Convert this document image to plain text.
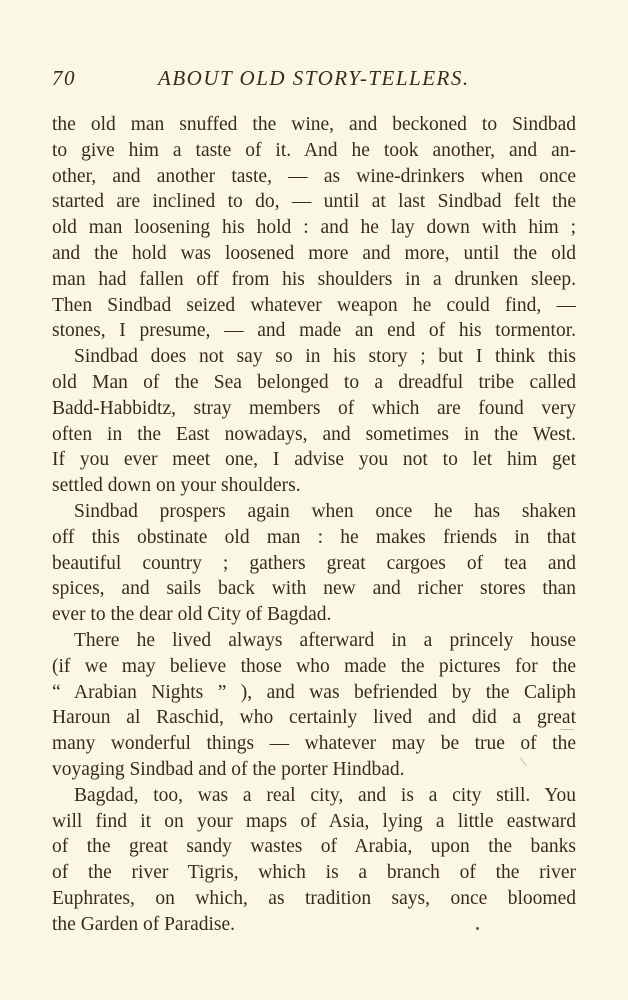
70	ABOUT OLD STORY-TELLERS.
the old man snuffed the wine, and beckoned to Sindbad
to give him a taste of it. And he took another, and an-
other, and another taste, — as wine-drinkers when once
started are inclined to do, — until at last Sindbad felt the
old man loosening his hold : and he lay down with him ;
and the hold was loosened more and more, until the old
man had fallen off from his shoulders in a drunken sleep.
Then Sindbad seized whatever weapon he could find, —
stones, I presume, — and made an end of his tormentor.
Sindbad does not say so in his story ; but I think this
old Man of the Sea belonged to a dreadful tribe called
Badd-Habbidtz, stray members of which are found very
often in the East nowadays, and sometimes in the West.
If you ever meet one, I advise you not to let him get
settled down on your shoulders.
Sindbad prospers again when once he has shaken
off this obstinate old man : he makes friends in that
beautiful country ; gathers great cargoes of tea and
spices, and sails back with new and richer stores than
ever to the dear old City of Bagdad.
There he lived always afterward in a princely house
(if we may believe those who made the pictures for the
“ Arabian Nights ” ), and was befriended by the Caliph
Haroun al Raschid, who certainly lived and did a great
many wonderful things — whatever may be true of the
voyaging Sindbad and of the porter Hindbad.
Bagdad, too, was a real city, and is a city still. You
will find it on your maps of Asia, lying a little eastward
of the great sandy wastes of Arabia, upon the banks
of the river Tigris, which is a branch of the river
Euphrates, on which, as tradition says, once bloomed
the Garden of Paradise.
